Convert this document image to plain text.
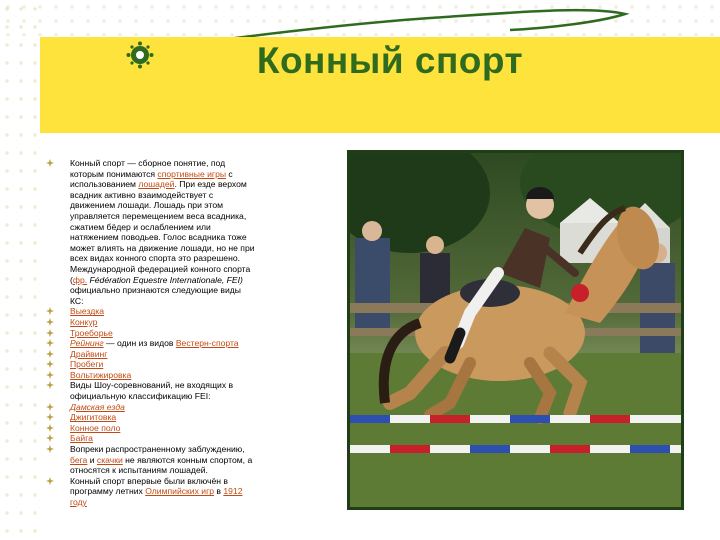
Конный спорт
Конный спорт — сборное понятие, под
которым понимаются спортивные игры с
использованием лошадей. При езде верхом
всадник активно взаимодействует с
движением лошади. Лошадь при этом
управляется перемещением веса всадника,
сжатием бёдер и ослаблением или
натяжением поводьев. Голос всадника тоже
может влиять на движение лошади, но не при
всех видах конного спорта это разрешено.
Международной федерацией конного спорта
(фр. Fédération Equestre Internationale, FEI)
официально признаются следующие виды
КС:
Выездка
Конкур
Троеборье
Рейнинг — один из видов Вестерн-спорта
Драйвинг
Пробеги
Вольтижировка
Виды Шоу-соревнований, не входящих в
официальную классификацию FEI:
Дамская езда
Джигитовка
Конное поло
Байга
Вопреки распространенному заблуждению,
бега и скачки не являются конным спортом, а
относятся к испытаниям лошадей.
Конный спорт впервые были включён в
программу летних Олимпийских игр в 1912
году
